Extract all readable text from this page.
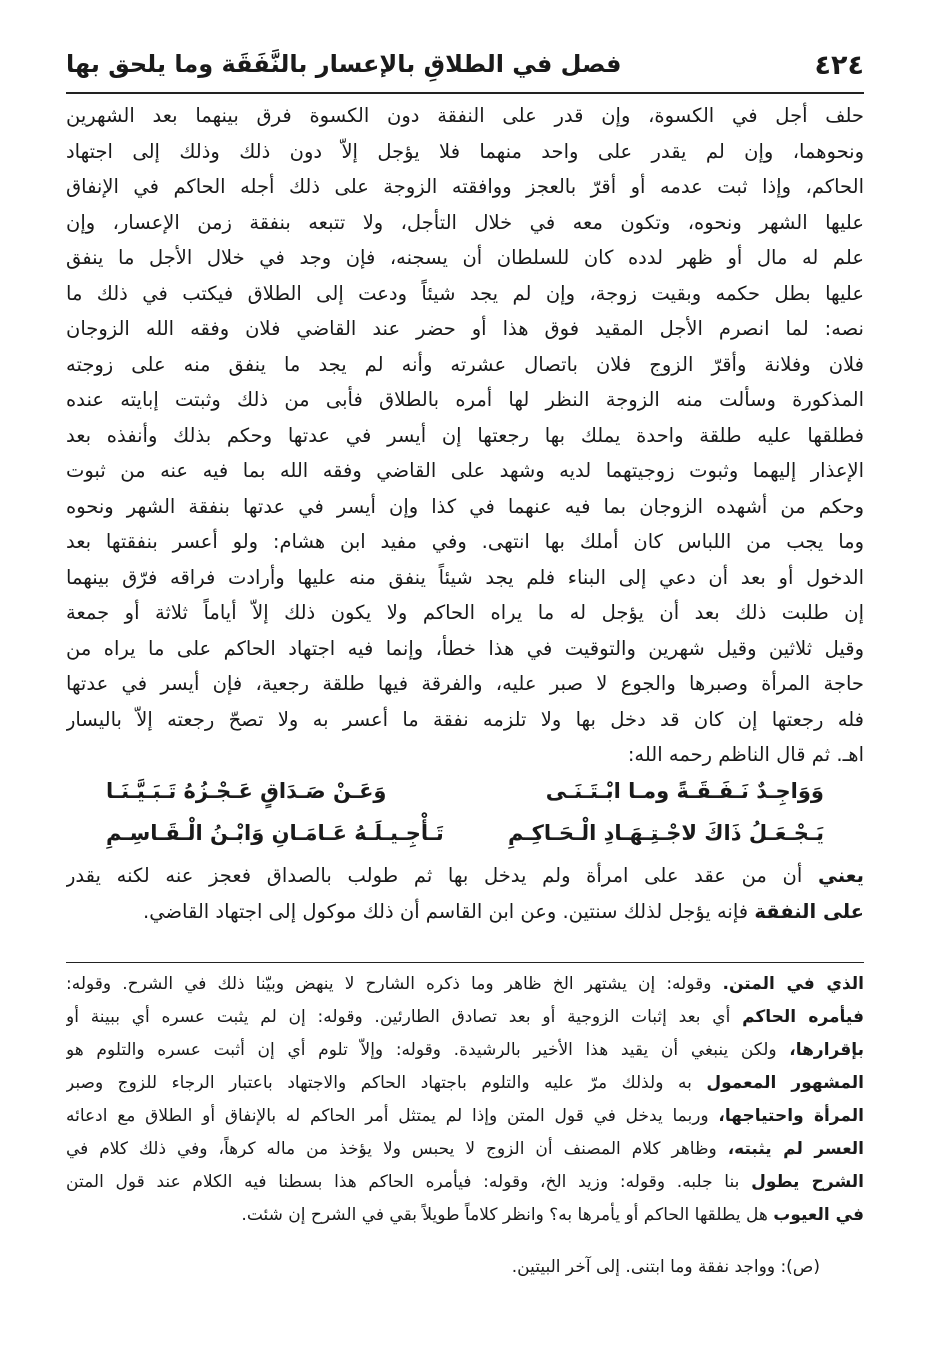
٤٢٤
فصل في الطلاقِ بالإعسار بالنَّفَقَة وما يلحق بها
حلف أجل في الكسوة، وإن قدر على النفقة دون الكسوة فرق بينهما بعد الشهرين
ونحوهما، وإن لم يقدر على واحد منهما فلا يؤجل إلاّ دون ذلك وذلك إلى اجتهاد
الحاكم، وإذا ثبت عدمه أو أقرّ بالعجز ووافقته الزوجة على ذلك أجله الحاكم في الإنفاق
عليها الشهر ونحوه، وتكون معه في خلال التأجل، ولا تتبعه بنفقة زمن الإعسار، وإن
علم له مال أو ظهر لدده كان للسلطان أن يسجنه، فإن وجد في خلال الأجل ما ينفق
عليها بطل حكمه وبقيت زوجة، وإن لم يجد شيئاً ودعت إلى الطلاق فيكتب في ذلك ما
نصه: لما انصرم الأجل المقيد فوق هذا أو حضر عند القاضي فلان وفقه الله الزوجان
فلان وفلانة وأقرّ الزوج فلان باتصال عشرته وأنه لم يجد ما ينفق منه على زوجته
المذكورة وسألت منه الزوجة النظر لها أمره بالطلاق فأبى من ذلك وثبتت إبايته عنده
فطلقها عليه طلقة واحدة يملك بها رجعتها إن أيسر في عدتها وحكم بذلك وأنفذه بعد
الإعذار إليهما وثبوت زوجيتهما لديه وشهد على القاضي وفقه الله بما فيه عنه من ثبوت
وحكم من أشهده الزوجان بما فيه عنهما في كذا وإن أيسر في عدتها بنفقة الشهر ونحوه
وما يجب من اللباس كان أملك بها انتهى. وفي مفيد ابن هشام: ولو أعسر بنفقتها بعد
الدخول أو بعد أن دعي إلى البناء فلم يجد شيئاً ينفق منه عليها وأرادت فراقه فرّق بينهما
إن طلبت ذلك بعد أن يؤجل له ما يراه الحاكم ولا يكون ذلك إلاّ أياماً ثلاثة أو جمعة
وقيل ثلاثين وقيل شهرين والتوقيت في هذا خطأ، وإنما فيه اجتهاد الحاكم على ما يراه من
حاجة المرأة وصبرها والجوع لا صبر عليه، والفرقة فيها طلقة رجعية، فإن أيسر في عدتها
فله رجعتها إن كان قد دخل بها ولا تلزمه نفقة ما أعسر به ولا تصحّ رجعته إلاّ باليسار
اهـ. ثم قال الناظم رحمه الله:
وَوَاجِـدٌ نَـفَـقَـةً ومـا ابْـتَـنَـى
وَعَـنْ صَـدَاقٍ عَـجْـزُهُ تَـبَـيَّـنَـا
يَـجْـعَـلُ ذَاكَ لاجْـتِـهَـادِ الْـحَـاكِـمِ
تَـأْجِـيـلَـهُ عَـامَـانِ وَابْـنُ الْـقَـاسِـمِ
يعني أن من عقد على امرأة ولم يدخل بها ثم طولب بالصداق فعجز عنه لكنه يقدر
على النفقة فإنه يؤجل لذلك سنتين. وعن ابن القاسم أن ذلك موكول إلى اجتهاد القاضي.
الذي في المتن. وقوله: إن يشتهر الخ ظاهر وما ذكره الشارح لا ينهض وبيّنا ذلك في الشرح. وقوله:
فيأمره الحاكم أي بعد إثبات الزوجية أو بعد تصادق الطارئين. وقوله: إن لم يثبت عسره أي ببينة أو
بإقرارها، ولكن ينبغي أن يقيد هذا الأخير بالرشيدة. وقوله: وإلاّ تلوم أي إن أثبت عسره والتلوم هو
المشهور المعمول به ولذلك مرّ عليه والتلوم باجتهاد الحاكم والاجتهاد باعتبار الرجاء للزوج وصبر
المرأة واحتياجها، وربما يدخل في قول المتن وإذا لم يمتثل أمر الحاكم له بالإنفاق أو الطلاق مع ادعائه
العسر لم يثبته، وظاهر كلام المصنف أن الزوج لا يحبس ولا يؤخذ من ماله كرهاً، وفي ذلك كلام في
الشرح يطول بنا جلبه. وقوله: وزيد الخ، وقوله: فيأمره الحاكم هذا بسطنا فيه الكلام عند قول المتن
في العيوب هل يطلقها الحاكم أو يأمرها به؟ وانظر كلاماً طويلاً بقي في الشرح إن شئت.
(ص): وواجد نفقة وما ابتنى. إلى آخر البيتين.
